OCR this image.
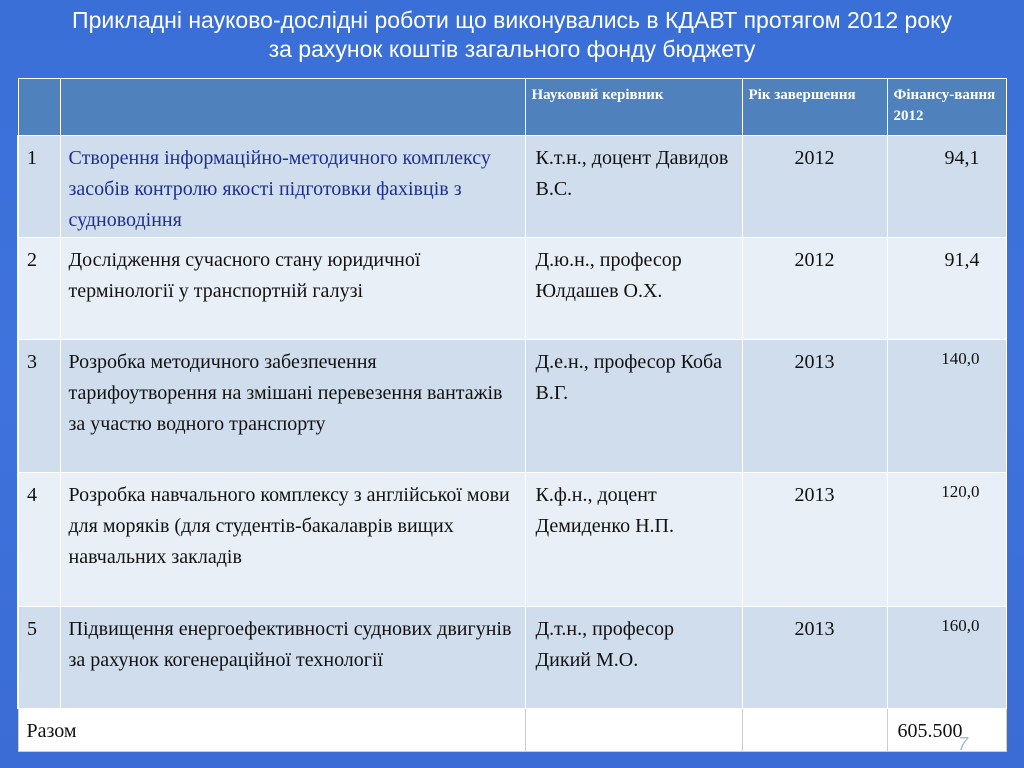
Прикладні науково-дослідні роботи що виконувались в КДАВТ протягом 2012 року
за рахунок коштів загального фонду бюджету

		Науковий керівник	Рік завершення	Фінансу-вання 2012

1	Створення інформаційно-методичного комплексу засобів контролю якості підготовки фахівців з судноводіння	К.т.н., доцент Давидов В.С.	2012	94,1

2	Дослідження сучасного стану юридичної термінології у транспортній галузі	Д.ю.н., професор Юлдашев О.Х.	2012	91,4

3	Розробка методичного забезпечення тарифоутворення на змішані перевезення вантажів за участю водного транспорту	Д.е.н., професор Коба В.Г.	2013	140,0

4	Розробка навчального комплексу з англійської мови для моряків (для студентів-бакалаврів вищих навчальних закладів	К.ф.н., доцент Демиденко Н.П.	2013	120,0

5	Підвищення енергоефективності суднових двигунів за рахунок когенераційної технології	Д.т.н., професор Дикий М.О.	2013	160,0

Разом				605.500
7
